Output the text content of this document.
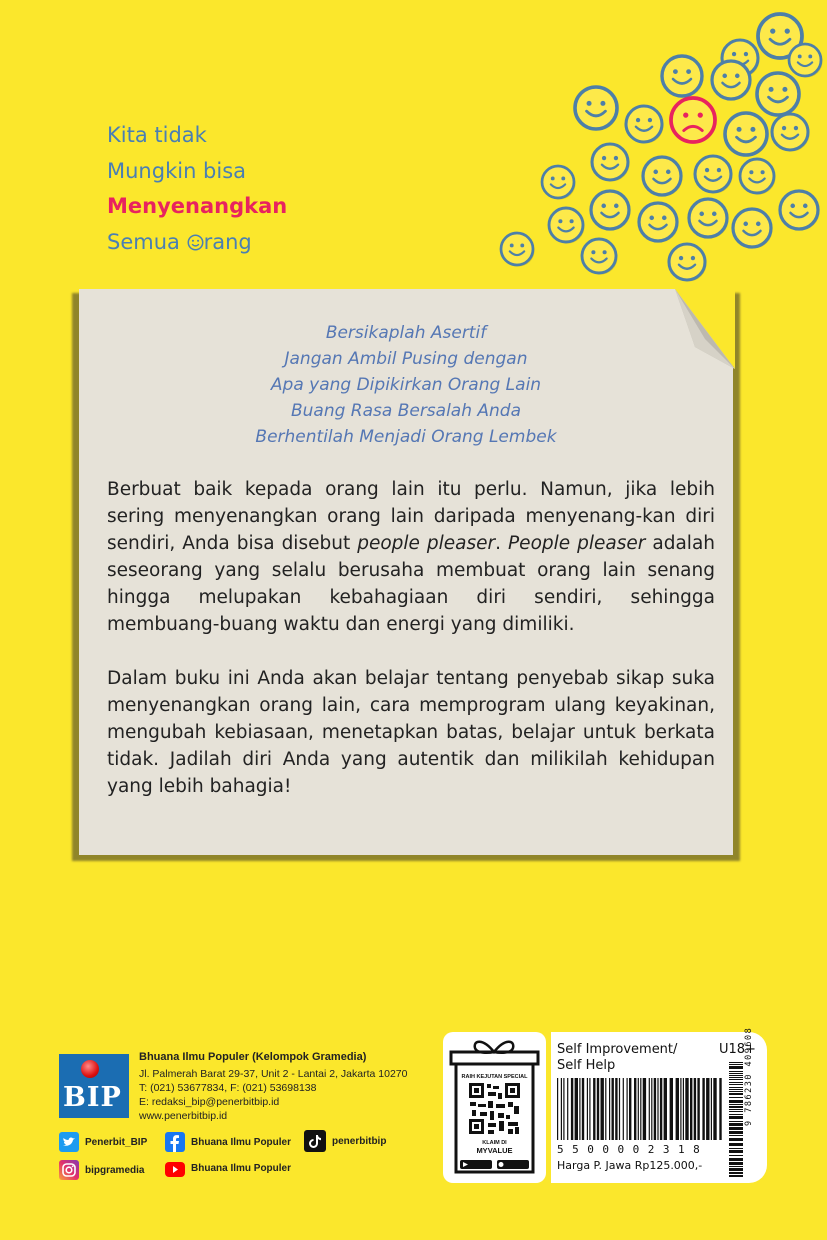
Kita tidak
Mungkin bisa
Menyenangkan
Semua rang
Bersikaplah Asertif
Jangan Ambil Pusing dengan
Apa yang Dipikirkan Orang Lain
Buang Rasa Bersalah Anda
Berhentilah Menjadi Orang Lembek

Berbuat baik kepada orang lain itu perlu. Namun, jika lebih sering menyenangkan orang lain daripada menyenang-kan diri sendiri, Anda bisa disebut people pleaser. People pleaser adalah seseorang yang selalu berusaha membuat orang lain senang hingga melupakan kebahagiaan diri sendiri, sehingga membuang-buang waktu dan energi yang dimiliki.

Dalam buku ini Anda akan belajar tentang penyebab sikap suka menyenangkan orang lain, cara memprogram ulang keyakinan, mengubah kebiasaan, menetapkan batas, belajar untuk berkata tidak. Jadilah diri Anda yang autentik dan milikilah kehidupan yang lebih bahagia!

BIP
Bhuana Ilmu Populer (Kelompok Gramedia)
Jl. Palmerah Barat 29-37, Unit 2 - Lantai 2, Jakarta 10270
T: (021) 53677834, F: (021) 53698138
E: redaksi_bip@penerbitbip.id
www.penerbitbip.id
Penerbit_BIP	Bhuana Ilmu Populer	penerbitbip
bipgramedia	Bhuana Ilmu Populer
RAIH KEJUTAN SPECIAL
KLAIM DI
MYVALUE
Self Improvement/
Self Help
U18+
5500002318
9 786230 409608
Harga P. Jawa Rp125.000,-
